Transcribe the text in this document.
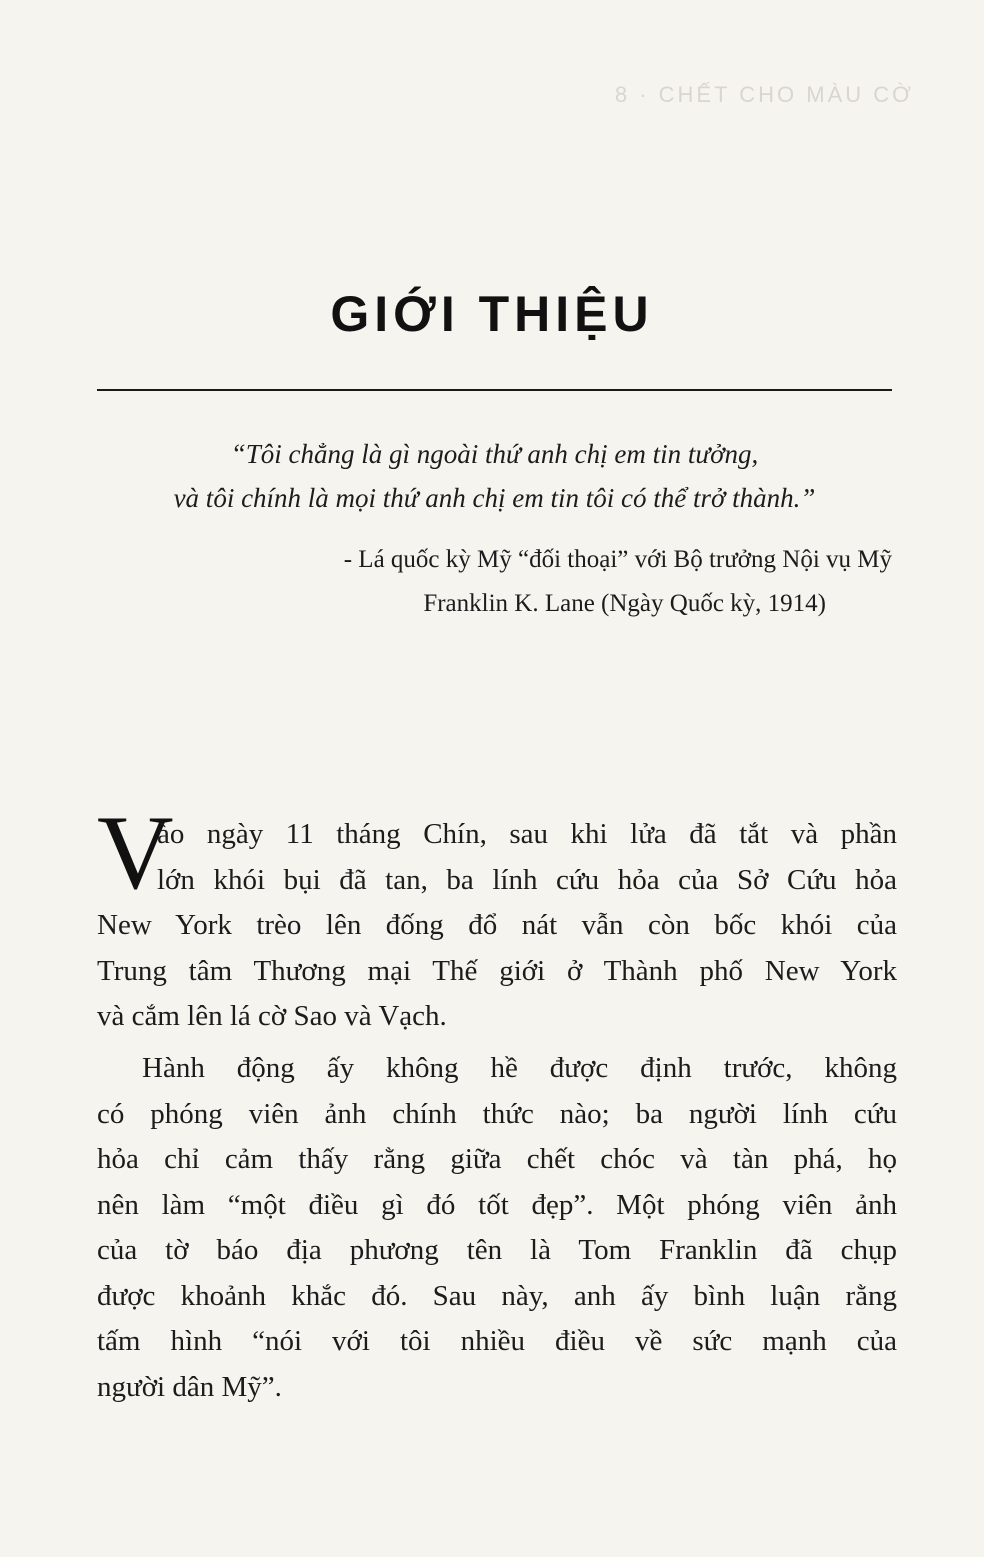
8 · CHẾT CHO MÀU CỜ
GIỚI THIỆU
“Tôi chẳng là gì ngoài thứ anh chị em tin tưởng,
và tôi chính là mọi thứ anh chị em tin tôi có thể trở thành.”
- Lá quốc kỳ Mỹ “đối thoại” với Bộ trưởng Nội vụ Mỹ
Franklin K. Lane (Ngày Quốc kỳ, 1914)
V
ào ngày 11 tháng Chín, sau khi lửa đã tắt và phần
lớn khói bụi đã tan, ba lính cứu hỏa của Sở Cứu hỏa
New York trèo lên đống đổ nát vẫn còn bốc khói của
Trung tâm Thương mại Thế giới ở Thành phố New York
và cắm lên lá cờ Sao và Vạch.
Hành động ấy không hề được định trước, không
có phóng viên ảnh chính thức nào; ba người lính cứu
hỏa chỉ cảm thấy rằng giữa chết chóc và tàn phá, họ
nên làm “một điều gì đó tốt đẹp”. Một phóng viên ảnh
của tờ báo địa phương tên là Tom Franklin đã chụp
được khoảnh khắc đó. Sau này, anh ấy bình luận rằng
tấm hình “nói với tôi nhiều điều về sức mạnh của
người dân Mỹ”.
